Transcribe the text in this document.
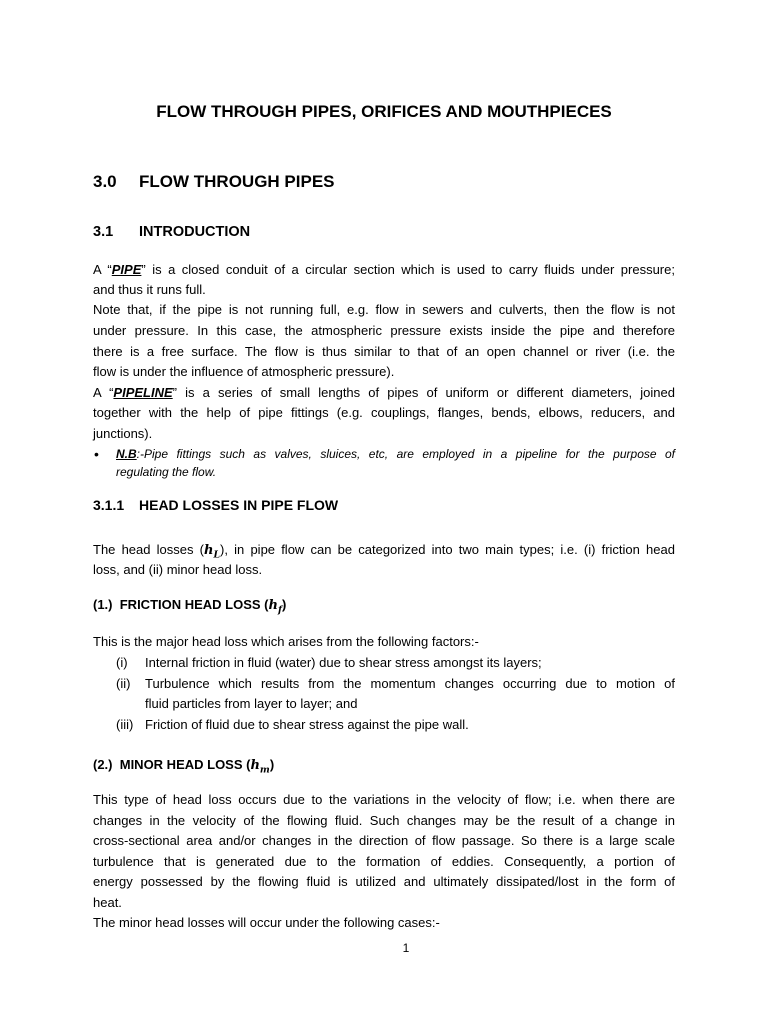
FLOW THROUGH PIPES, ORIFICES AND MOUTHPIECES
3.0 FLOW THROUGH PIPES
3.1 INTRODUCTION
A “PIPE” is a closed conduit of a circular section which is used to carry fluids under pressure;
and thus it runs full.
Note that, if the pipe is not running full, e.g. flow in sewers and culverts, then the flow is not
under pressure. In this case, the atmospheric pressure exists inside the pipe and therefore
there is a free surface. The flow is thus similar to that of an open channel or river (i.e. the
flow is under the influence of atmospheric pressure).
A “PIPELINE” is a series of small lengths of pipes of uniform or different diameters, joined
together with the help of pipe fittings (e.g. couplings, flanges, bends, elbows, reducers, and
junctions).
• N.B:-Pipe fittings such as valves, sluices, etc, are employed in a pipeline for the purpose of
regulating the flow.
3.1.1 HEAD LOSSES IN PIPE FLOW
The head losses $(h_L)$, in pipe flow can be categorized into two main types; i.e. (i) friction head
loss, and (ii) minor head loss.
(1.) FRICTION HEAD LOSS $(h_f)$
This is the major head loss which arises from the following factors:-
(i) Internal friction in fluid (water) due to shear stress amongst its layers;
(ii) Turbulence which results from the momentum changes occurring due to motion of
fluid particles from layer to layer; and
(iii) Friction of fluid due to shear stress against the pipe wall.
(2.) MINOR HEAD LOSS $(h_m)$
This type of head loss occurs due to the variations in the velocity of flow; i.e. when there are
changes in the velocity of the flowing fluid. Such changes may be the result of a change in
cross-sectional area and/or changes in the direction of flow passage. So there is a large scale
turbulence that is generated due to the formation of eddies. Consequently, a portion of
energy possessed by the flowing fluid is utilized and ultimately dissipated/lost in the form of
heat.
The minor head losses will occur under the following cases:-
1
